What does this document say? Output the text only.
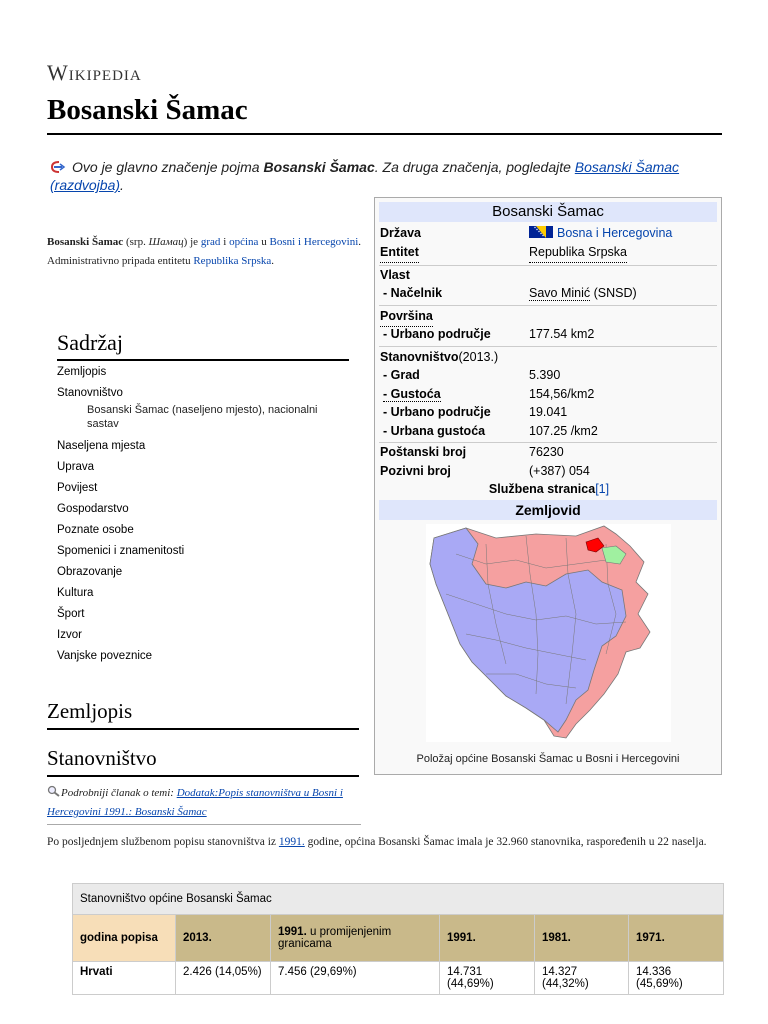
Wikipedia
Bosanski Šamac
Ovo je glavno značenje pojma Bosanski Šamac. Za druga značenja, pogledajte Bosanski Šamac (razdvojba).
Bosanski Šamac (srp. Шамац) je grad i općina u Bosni i Hercegovini. Administrativno pripada entitetu Republika Srpska.
Sadržaj
Zemljopis
Stanovništvo
Bosanski Šamac (naseljeno mjesto), nacionalni sastav
Naseljena mjesta
Uprava
Povijest
Gospodarstvo
Poznate osobe
Spomenici i znamenitosti
Obrazovanje
Kultura
Šport
Izvor
Vanjske poveznice
Zemljopis
Stanovništvo
Podrobniji članak o temi: Dodatak:Popis stanovništva u Bosni i Hercegovini 1991.: Bosanski Šamac
Po posljednjem službenom popisu stanovništva iz 1991. godine, općina Bosanski Šamac imala je 32.960 stanovnika, raspoređenih u 22 naselja.
Bosanski Šamac
Država	Bosna i Hercegovina
Entitet	Republika Srpska
Vlast
- Načelnik	Savo Minić (SNSD)
Površina
- Urbano područje	177.54 km2
Stanovništvo(2013.)
- Grad	5.390
- Gustoća	154,56/km2
- Urbano područje	19.041
- Urbana gustoća	107.25 /km2
Poštanski broj	76230
Pozivni broj	(+387) 054
Službena stranica[1]
Zemljovid
Položaj općine Bosanski Šamac u Bosni i Hercegovini
Stanovništvo općine Bosanski Šamac					
godina popisa	2013.	1991. u promijenjenim granicama	1991.	1981.	1971.
Hrvati	2.426 (14,05%)	7.456 (29,69%)	14.731 (44,69%)	14.327 (44,32%)	14.336 (45,69%)
